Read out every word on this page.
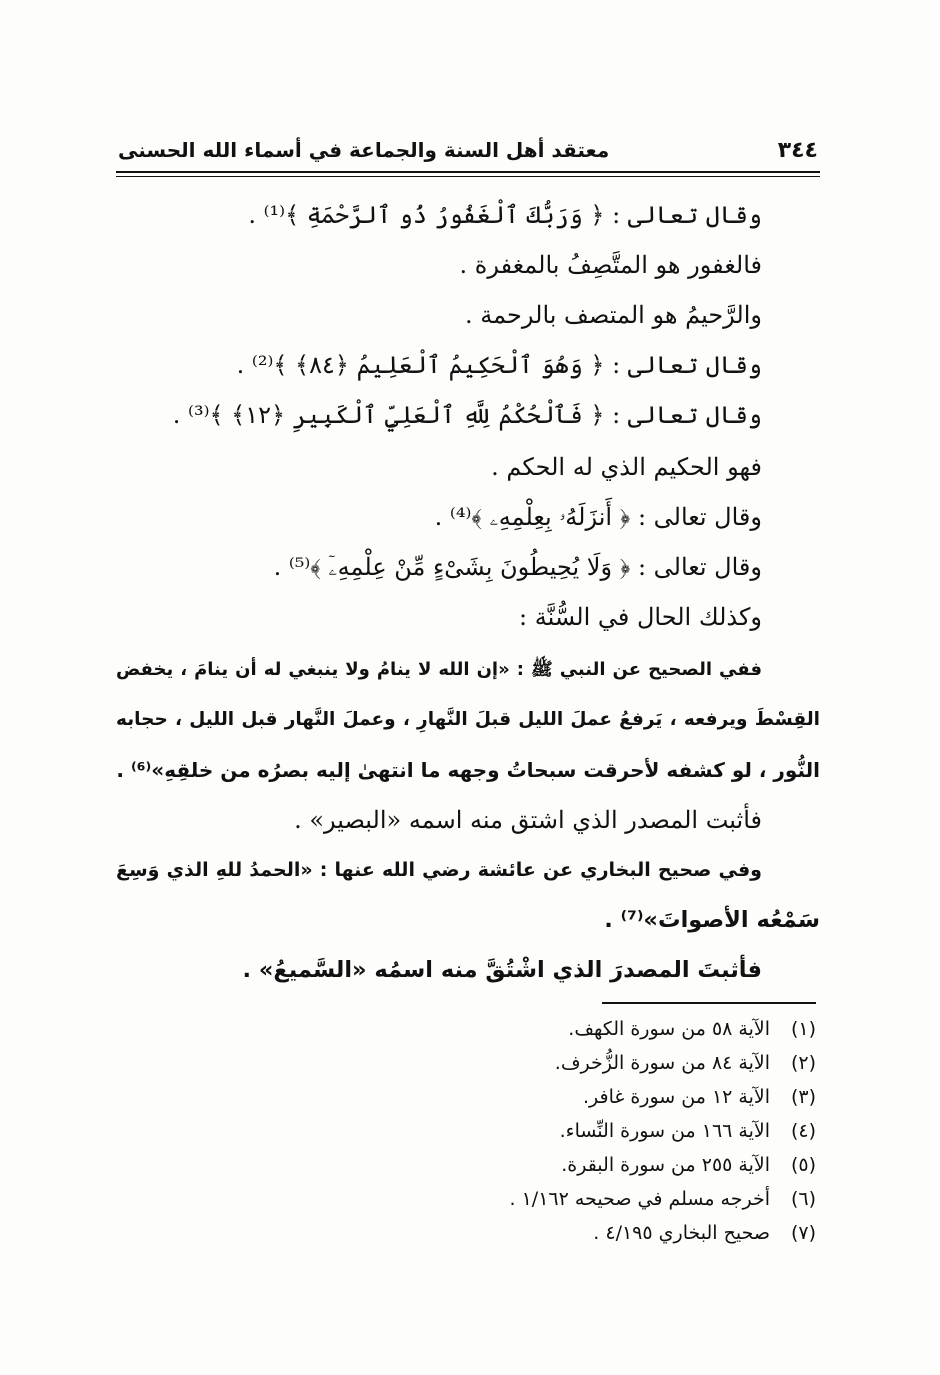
٣٤٤
معتقد أهل السنة والجماعة في أسماء الله الحسنى
وقال تعالى : ﴿ وَرَبُّكَ ٱلْغَفُورُ ذُو ٱلرَّحْمَةِ ﴾⁽¹⁾ .
فالغفور هو المتَّصِفُ بالمغفرة .
والرَّحيمُ هو المتصف بالرحمة .
وقال تعالى : ﴿ وَهُوَ ٱلْحَكِيمُ ٱلْعَلِيمُ ﴿٨٤﴾ ﴾⁽²⁾ .
وقال تعالى : ﴿ فَٱلْحُكْمُ لِلَّهِ ٱلْعَلِيِّ ٱلْكَبِيرِ ﴿١٢﴾ ﴾⁽³⁾ .
فهو الحكيم الذي له الحكم .
وقال تعالى : ﴿ أَنزَلَهُۥ بِعِلْمِهِۦ ﴾⁽⁴⁾ .
وقال تعالى : ﴿ وَلَا يُحِيطُونَ بِشَىْءٍ مِّنْ عِلْمِهِۦٓ ﴾⁽⁵⁾ .
وكذلك الحال في السُّنَّة :
ففي الصحيح عن النبي ﷺ : «إن الله لا ينامُ ولا ينبغي له أن ينامَ ، يخفض
القِسْطَ ويرفعه ، يَرفعُ عملَ الليل قبلَ النَّهارِ ، وعملَ النَّهار قبل الليل ، حجابه
النُّور ، لو كشفه لأحرقت سبحاتُ وجهه ما انتهىٰ إليه بصرُه من خلقِهِ»⁽⁶⁾ .
فأثبت المصدر الذي اشتق منه اسمه «البصير» .
وفي صحيح البخاري عن عائشة رضي الله عنها : «الحمدُ للهِ الذي وَسِعَ
سَمْعُه الأصواتَ»⁽⁷⁾ .
فأثبتَ المصدرَ الذي اشْتُقَّ منه اسمُه «السَّميعُ» .
(١)الآية ٥٨ من سورة الكهف.
(٢)الآية ٨٤ من سورة الزُّخرف.
(٣)الآية ١٢ من سورة غافر.
(٤)الآية ١٦٦ من سورة النِّساء.
(٥)الآية ٢٥٥ من سورة البقرة.
(٦)أخرجه مسلم في صحيحه ١/١٦٢ .
(٧)صحيح البخاري ٤/١٩٥ .
